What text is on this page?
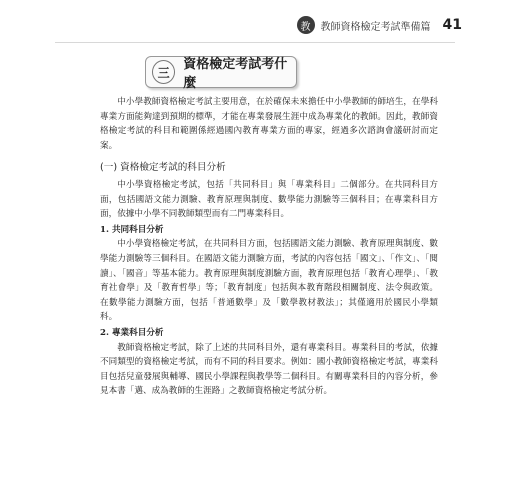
教	教師資格檢定考試準備篇 41
三
資格檢定考試考什麼

中小學教師資格檢定考試主要用意，在於確保未來擔任中小學教師的師培生，在學科專業方面能夠達到預期的標準，才能在專業發展生涯中成為專業化的教師。因此，教師資格檢定考試的科目和範圍係經過國內教育專業方面的專家，經過多次諮詢會議研討而定案。

(一) 資格檢定考試的科目分析

中小學資格檢定考試，包括「共同科目」與「專業科目」二個部分。在共同科目方面，包括國語文能力測驗、教育原理與制度、數學能力測驗等三個科目；在專業科目方面，依據中小學不同教師類型而有二門專業科目。

1. 共同科目分析

中小學資格檢定考試，在共同科目方面，包括國語文能力測驗、教育原理與制度、數學能力測驗等三個科目。在國語文能力測驗方面，考試的內容包括「國文」、「作文」、「閱讀」、「國音」等基本能力。教育原理與制度測驗方面，教育原理包括「教育心理學」、「教育社會學」及「教育哲學」等；「教育制度」包括與本教育階段相關制度、法令與政策。在數學能力測驗方面，包括「普通數學」及「數學教材教法」；其僅適用於國民小學類科。

2. 專業科目分析

教師資格檢定考試，除了上述的共同科目外，還有專業科目。專業科目的考試，依據不同類型的資格檢定考試，而有不同的科目要求。例如：國小教師資格檢定考試，專業科目包括兒童發展與輔導、國民小學課程與教學等二個科目。有關專業科目的內容分析，參見本書「邁、成為教師的生涯路」之教師資格檢定考試分析。
